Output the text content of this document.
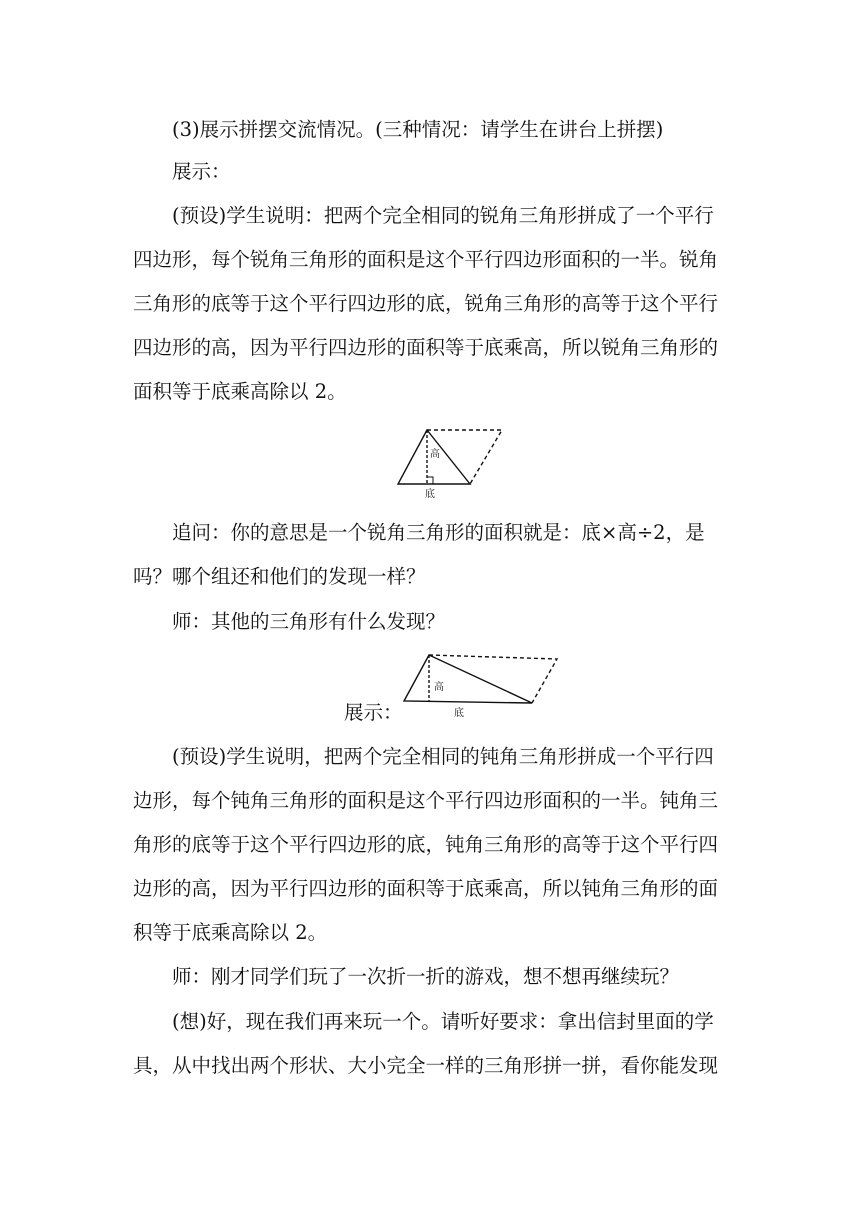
(3)展示拼摆交流情况。(三种情况：请学生在讲台上拼摆)
展示：
(预设)学生说明：把两个完全相同的锐角三角形拼成了一个平行
四边形，每个锐角三角形的面积是这个平行四边形面积的一半。锐角
三角形的底等于这个平行四边形的底，锐角三角形的高等于这个平行
四边形的高，因为平行四边形的面积等于底乘高，所以锐角三角形的
面积等于底乘高除以 2。
高
底
追问：你的意思是一个锐角三角形的面积就是：底×高÷2，是
吗？哪个组还和他们的发现一样？
师：其他的三角形有什么发现？
展示：
高
底
(预设)学生说明，把两个完全相同的钝角三角形拼成一个平行四
边形，每个钝角三角形的面积是这个平行四边形面积的一半。钝角三
角形的底等于这个平行四边形的底，钝角三角形的高等于这个平行四
边形的高，因为平行四边形的面积等于底乘高，所以钝角三角形的面
积等于底乘高除以 2。
师：刚才同学们玩了一次折一折的游戏，想不想再继续玩？
(想)好，现在我们再来玩一个。请听好要求：拿出信封里面的学
具，从中找出两个形状、大小完全一样的三角形拼一拼，看你能发现
